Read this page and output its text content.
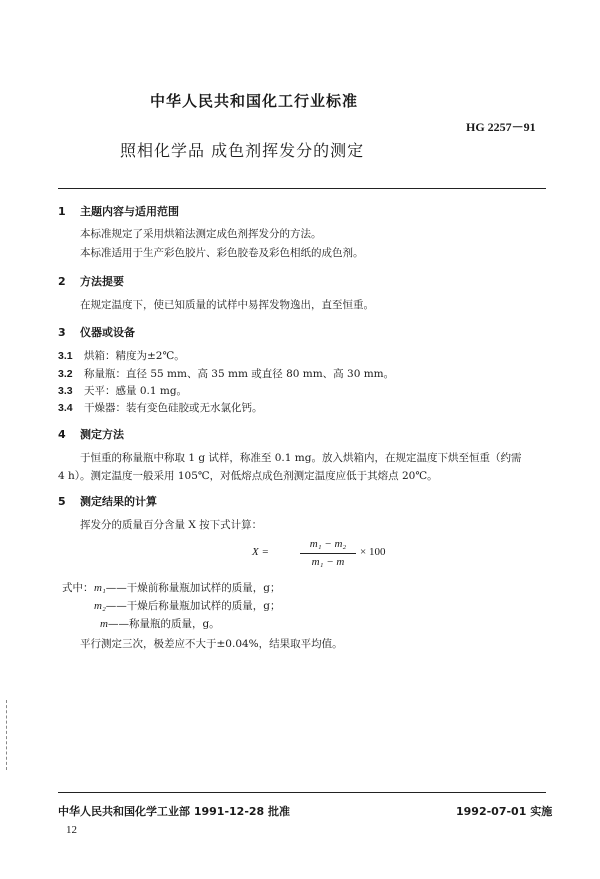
中华人民共和国化工行业标准
HG 2257－91
照相化学品 成色剂挥发分的测定
1 主题内容与适用范围
本标准规定了采用烘箱法测定成色剂挥发分的方法。
本标准适用于生产彩色胶片、彩色胶卷及彩色相纸的成色剂。
2 方法提要
在规定温度下，使已知质量的试样中易挥发物逸出，直至恒重。
3 仪器或设备
3.1 烘箱：精度为±2℃。
3.2 称量瓶：直径 55 mm、高 35 mm 或直径 80 mm、高 30 mm。
3.3 天平：感量 0.1 mg。
3.4 干燥器：装有变色硅胶或无水氯化钙。
4 测定方法
于恒重的称量瓶中称取 1 g 试样，称准至 0.1 mg。放入烘箱内，在规定温度下烘至恒重（约需
4 h）。测定温度一般采用 105℃，对低熔点成色剂测定温度应低于其熔点 20℃。
5 测定结果的计算
挥发分的质量百分含量 X 按下式计算：
X =
m₁ − m₂
m₁ − m
× 100
式中： m₁——干燥前称量瓶加试样的质量，g；
m₂——干燥后称量瓶加试样的质量，g；
m——称量瓶的质量，g。
平行测定三次，极差应不大于±0.04%，结果取平均值。
中华人民共和国化学工业部 1991-12-28 批准	1992-07-01 实施
12
